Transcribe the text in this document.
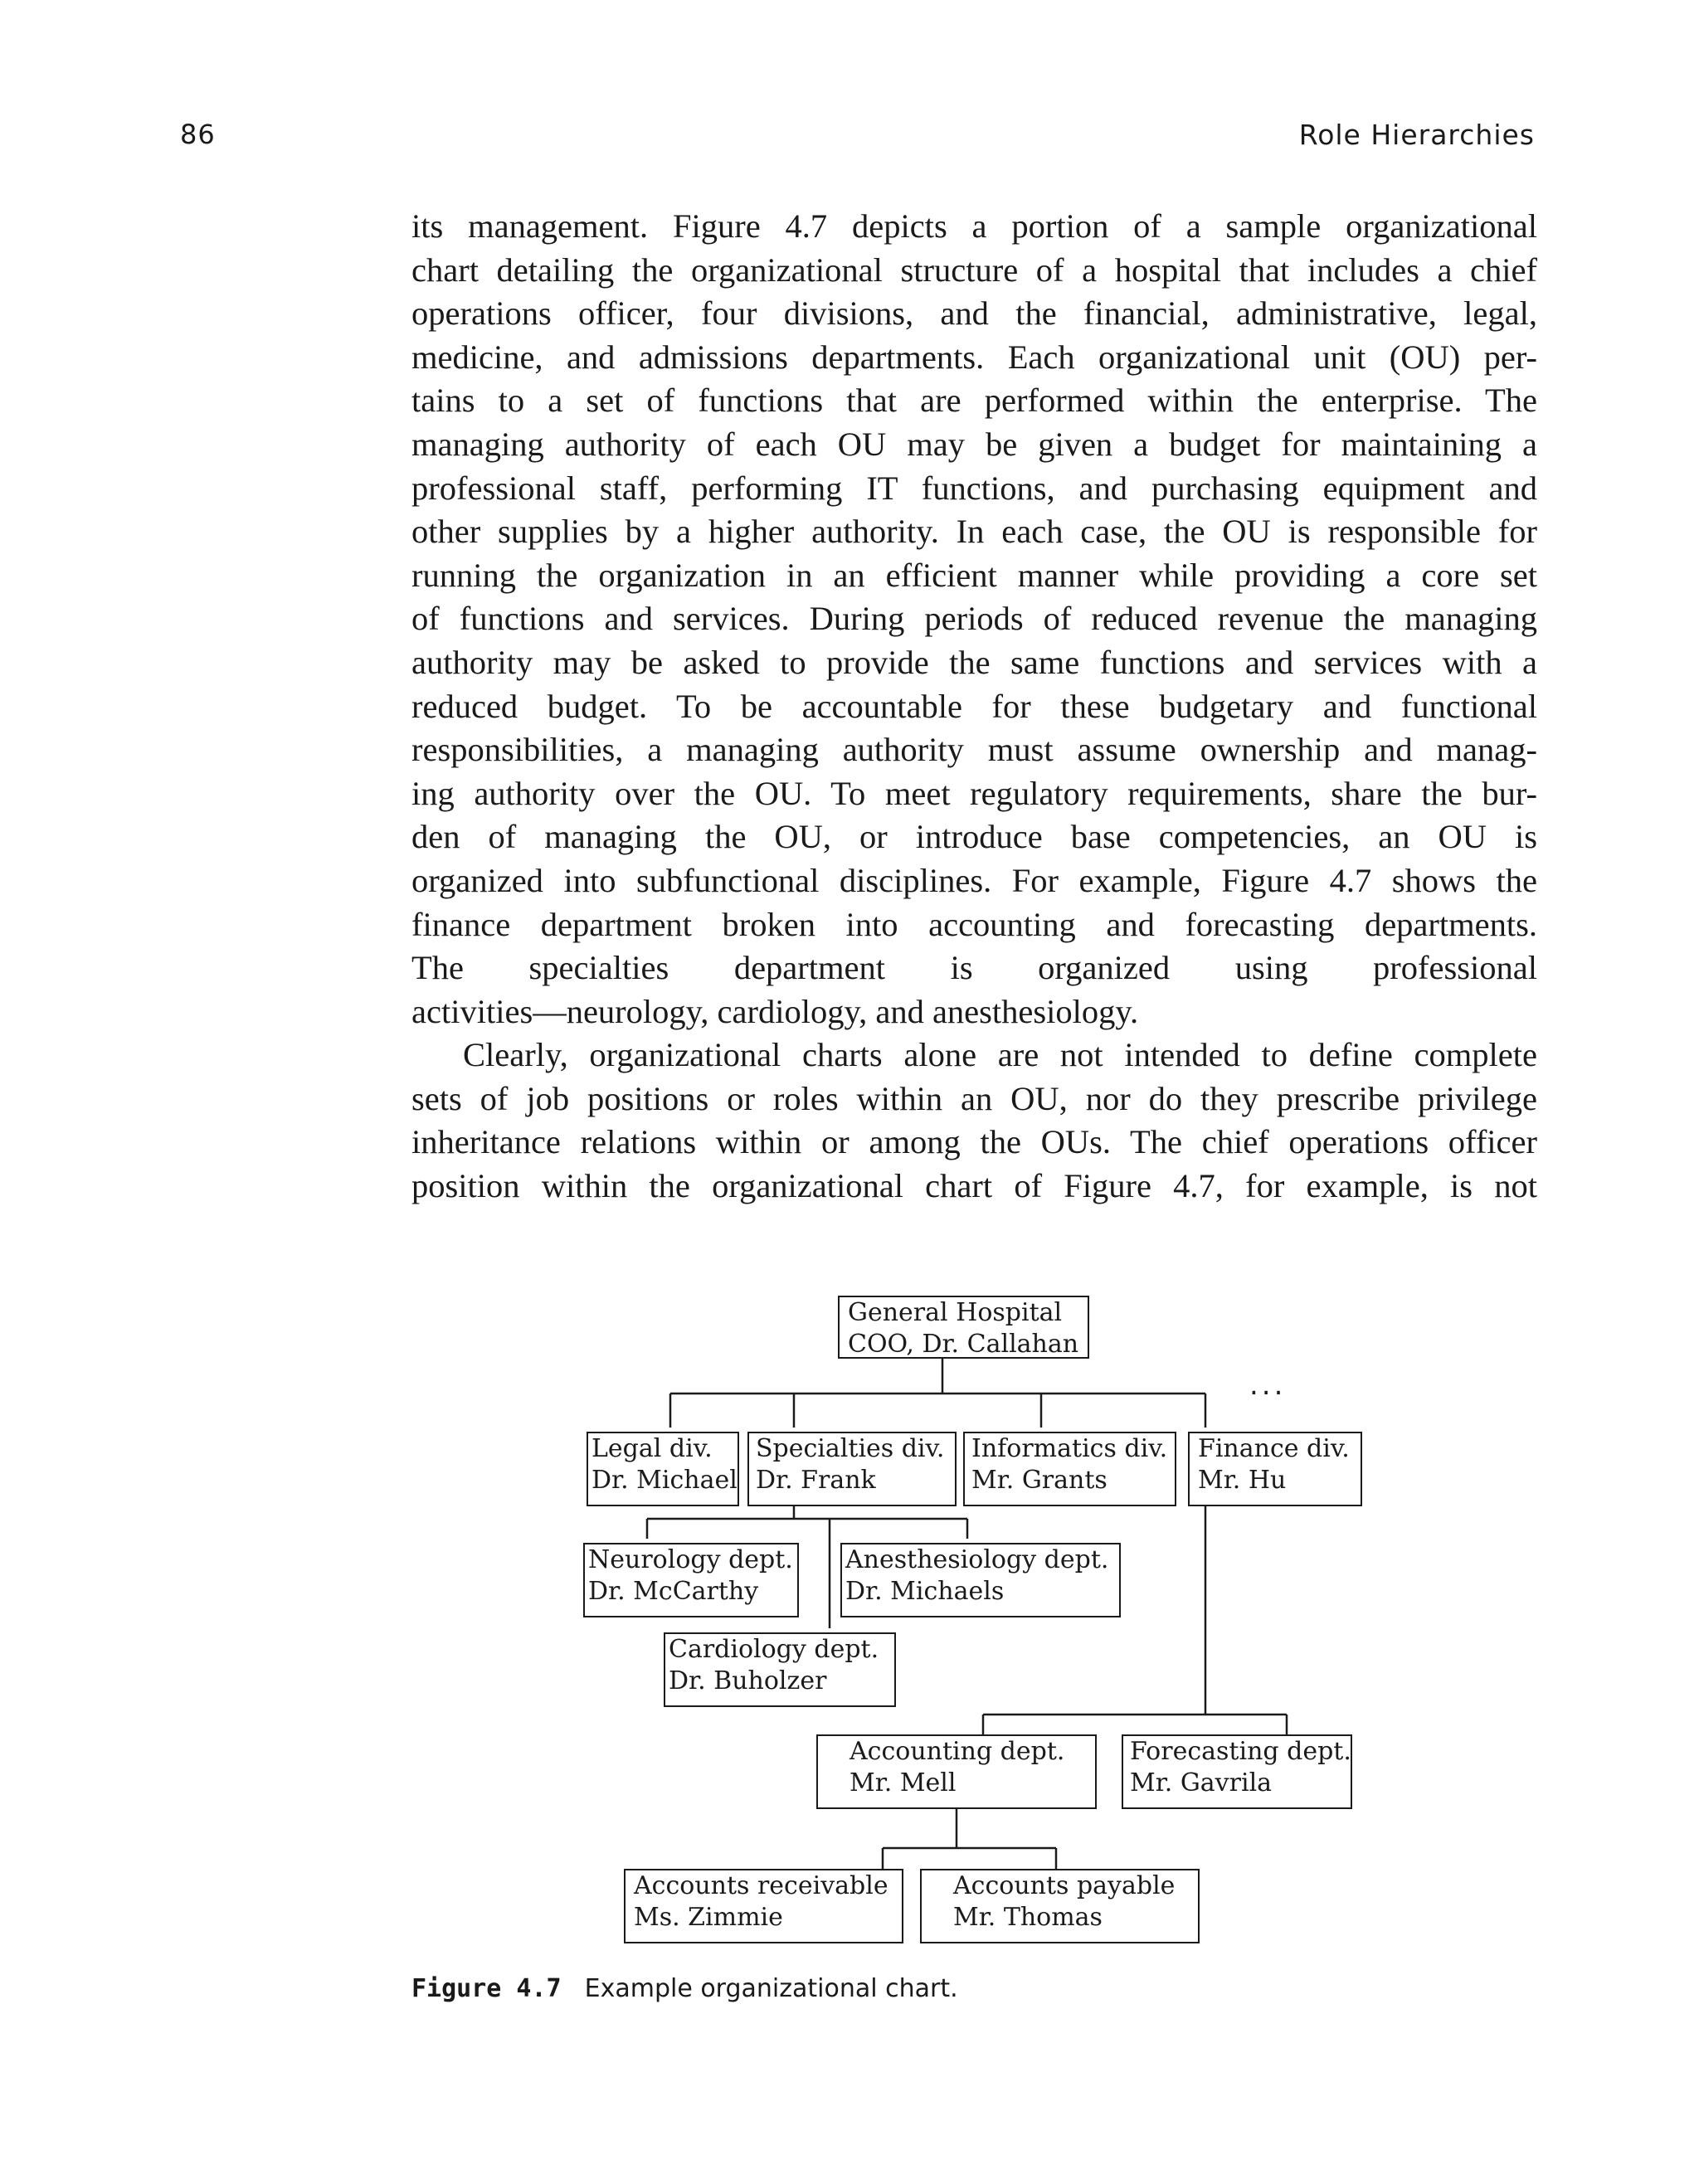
86	Role Hierarchies

its management. Figure 4.7 depicts a portion of a sample organizational
chart detailing the organizational structure of a hospital that includes a chief
operations officer, four divisions, and the financial, administrative, legal,
medicine, and admissions departments. Each organizational unit (OU) per-
tains to a set of functions that are performed within the enterprise. The
managing authority of each OU may be given a budget for maintaining a
professional staff, performing IT functions, and purchasing equipment and
other supplies by a higher authority. In each case, the OU is responsible for
running the organization in an efficient manner while providing a core set
of functions and services. During periods of reduced revenue the managing
authority may be asked to provide the same functions and services with a
reduced budget. To be accountable for these budgetary and functional
responsibilities, a managing authority must assume ownership and manag-
ing authority over the OU. To meet regulatory requirements, share the bur-
den of managing the OU, or introduce base competencies, an OU is
organized into subfunctional disciplines. For example, Figure 4.7 shows the
finance department broken into accounting and forecasting departments.
The specialties department is organized using professional
activities—neurology, cardiology, and anesthesiology.

Clearly, organizational charts alone are not intended to define complete
sets of job positions or roles within an OU, nor do they prescribe privilege
inheritance relations within or among the OUs. The chief operations officer
position within the organizational chart of Figure 4.7, for example, is not

General Hospital
COO, Dr. Callahan
...
Legal div.
Dr. Michael
Specialties div.
Dr. Frank
Informatics div.
Mr. Grants
Finance div.
Mr. Hu
Neurology dept.
Dr. McCarthy
Anesthesiology dept.
Dr. Michaels
Cardiology dept.
Dr. Buholzer
Accounting dept.
Mr. Mell
Forecasting dept.
Mr. Gavrila
Accounts receivable
Ms. Zimmie
Accounts payable
Mr. Thomas
Figure 4.7 Example organizational chart.
